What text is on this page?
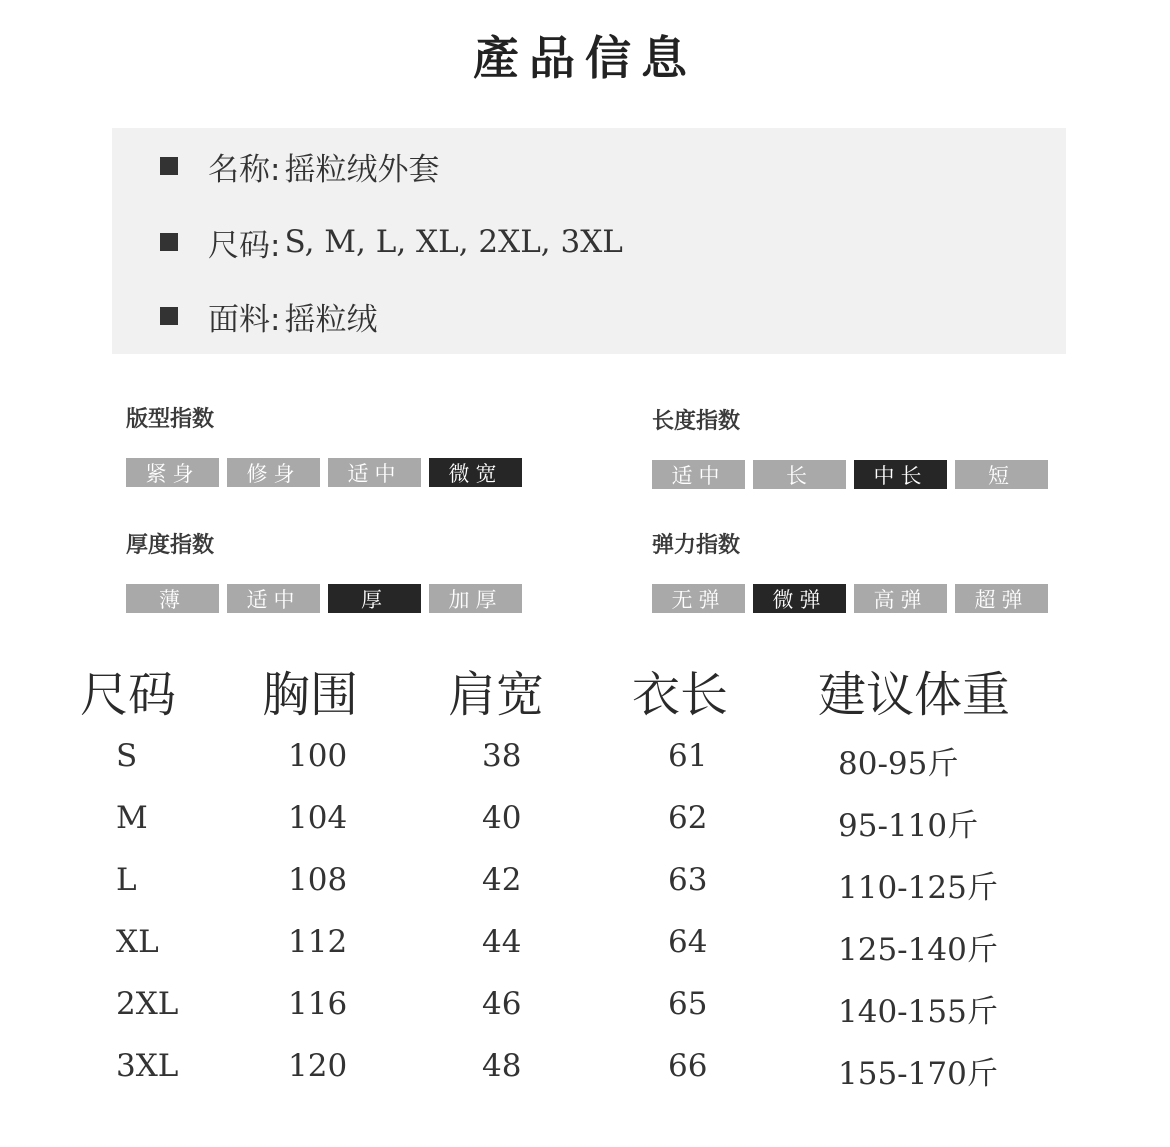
產品信息
名称: 摇粒绒外套
尺码: S, M, L, XL, 2XL, 3XL
面料: 摇粒绒
版型指数
紧身	修身	适中	微宽
长度指数
适中	长	中长	短
厚度指数
薄	适中	厚	加厚
弹力指数
无弹	微弹	高弹	超弹
尺码 胸围 肩宽 衣长 建议体重
S	100	38	61	80-95斤
M	104	40	62	95-110斤
L	108	42	63	110-125斤
XL	112	44	64	125-140斤
2XL	116	46	65	140-155斤
3XL	120	48	66	155-170斤
